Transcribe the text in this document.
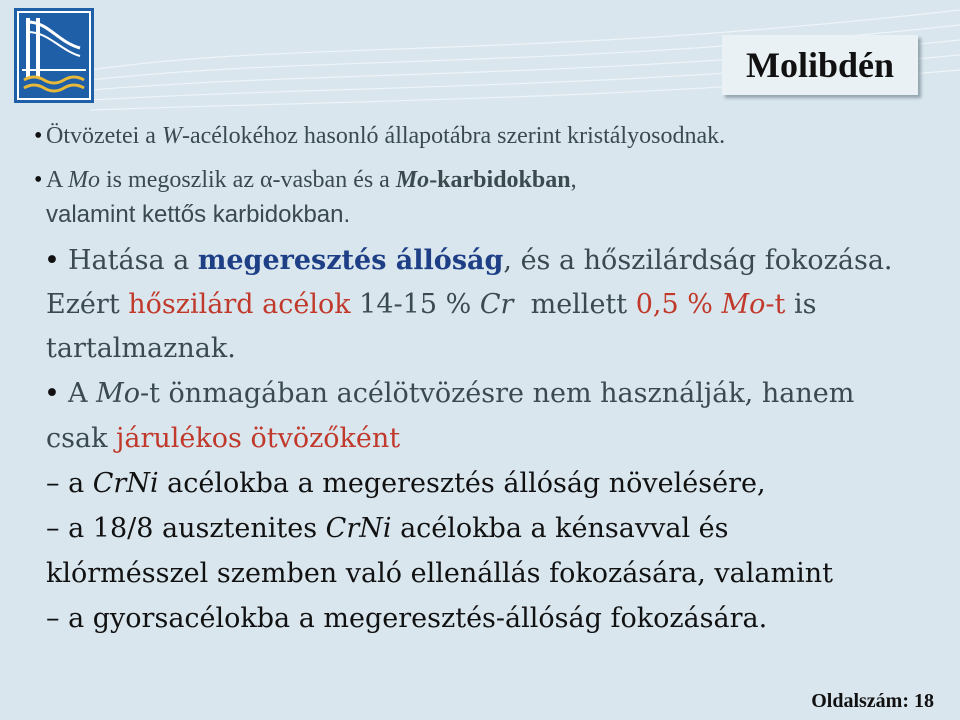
Molibdén
• Ötvözetei a W-acélokéhoz hasonló állapotábra szerint kristályosodnak.
• A Mo is megoszlik az α-vasban és a Mo-karbidokban,
valamint kettős karbidokban.
• Hatása a megeresztés állóság, és a hőszilárdság fokozása.
Ezért hőszilárd acélok 14-15 % Cr  mellett 0,5 % Mo-t is
tartalmaznak.
• A Mo-t önmagában acélötvözésre nem használják, hanem
csak járulékos ötvözőként
– a CrNi acélokba a megeresztés állóság növelésére,
– a 18/8 ausztenites CrNi acélokba a kénsavval és
klórmésszel szemben való ellenállás fokozására, valamint
– a gyorsacélokba a megeresztés-állóság fokozására.
Oldalszám: 18
